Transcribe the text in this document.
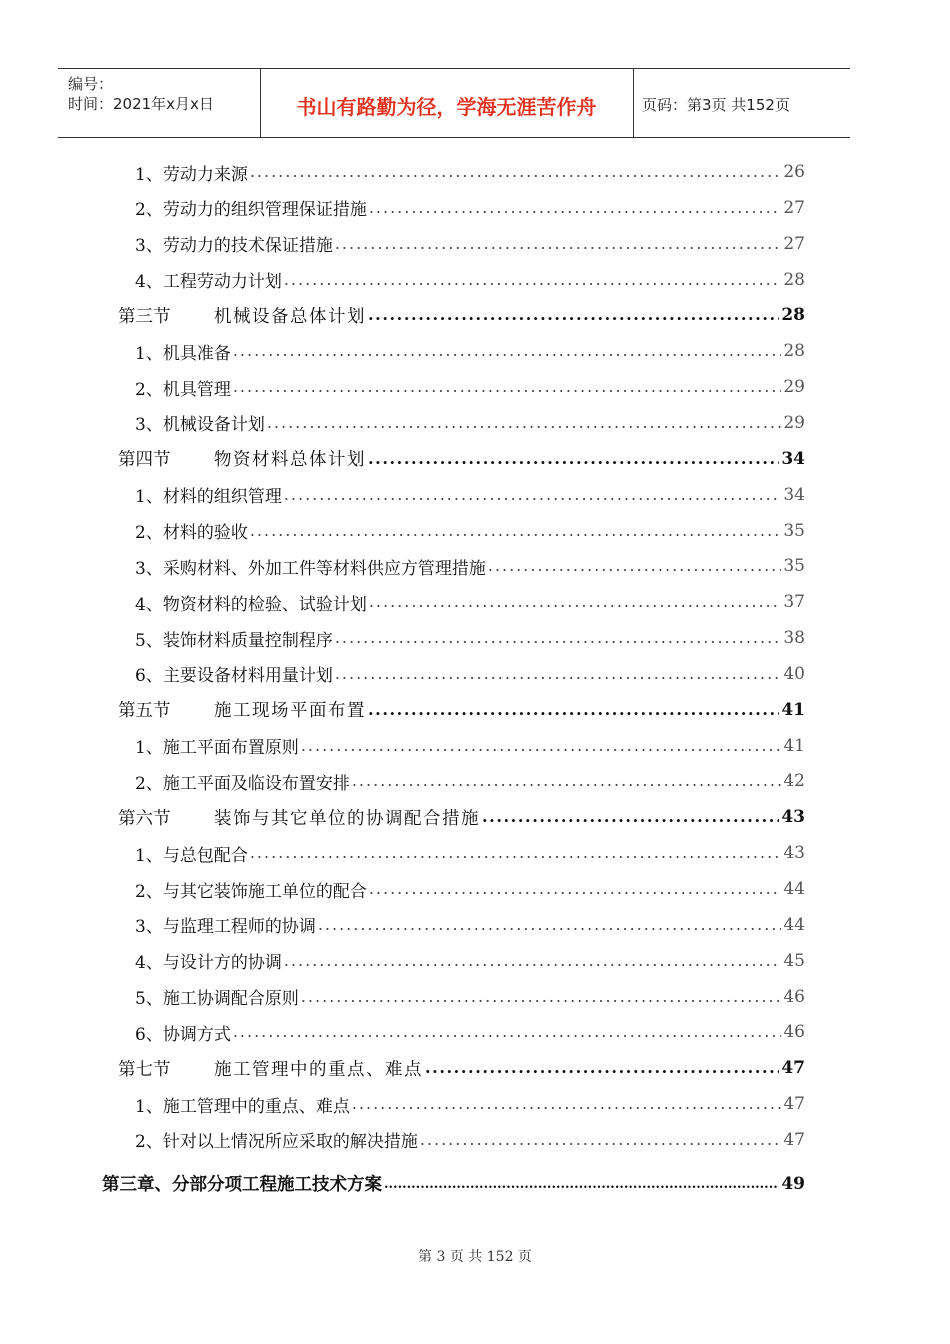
编号：
时间：2021年x月x日	书山有路勤为径，学海无涯苦作舟	页码：第3页 共152页
1、劳动力来源 .....	26
2、劳动力的组织管理保证措施 .....	27
3、劳动力的技术保证措施 .....	27
4、工程劳动力计划 .....	28
第三节 机械设备总体计划 .....	28
1、机具准备 .....	28
2、机具管理 .....	29
3、机械设备计划 .....	29
第四节 物资材料总体计划 .....	34
1、材料的组织管理 .....	34
2、材料的验收 .....	35
3、采购材料、外加工件等材料供应方管理措施 .....	35
4、物资材料的检验、试验计划 .....	37
5、装饰材料质量控制程序 .....	38
6、主要设备材料用量计划 .....	40
第五节 施工现场平面布置 .....	41
1、施工平面布置原则 .....	41
2、施工平面及临设布置安排 .....	42
第六节 装饰与其它单位的协调配合措施 .....	43
1、与总包配合 .....	43
2、与其它装饰施工单位的配合 .....	44
3、与监理工程师的协调 .....	44
4、与设计方的协调 .....	45
5、施工协调配合原则 .....	46
6、协调方式 .....	46
第七节 施工管理中的重点、难点 .....	47
1、施工管理中的重点、难点 .....	47
2、针对以上情况所应采取的解决措施 .....	47
第三章、分部分项工程施工技术方案 .....	49
第 3 页 共 152 页
